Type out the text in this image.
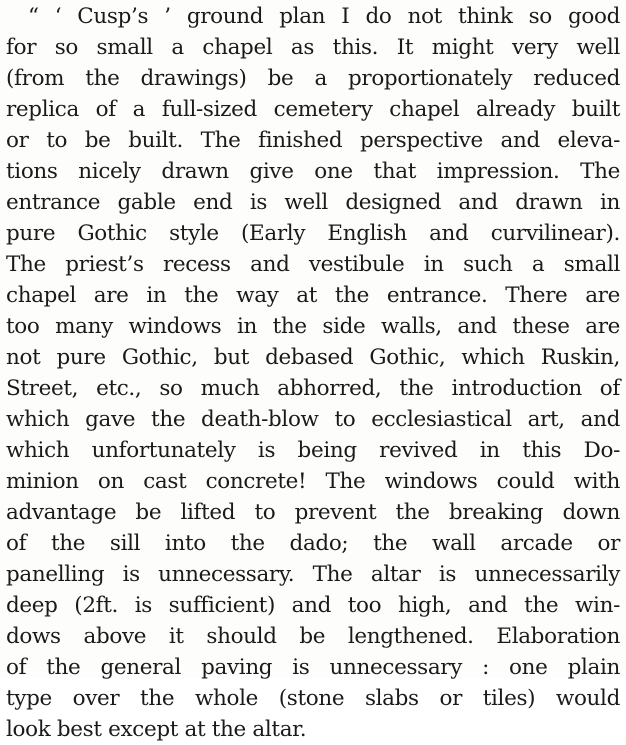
“ ‘ Cusp’s ’ ground plan I do not think so good
for so small a chapel as this. It might very well
(from the drawings) be a proportionately reduced
replica of a full-sized cemetery chapel already built
or to be built. The finished perspective and eleva-
tions nicely drawn give one that impression. The
entrance gable end is well designed and drawn in
pure Gothic style (Early English and curvilinear).
The priest’s recess and vestibule in such a small
chapel are in the way at the entrance. There are
too many windows in the side walls, and these are
not pure Gothic, but debased Gothic, which Ruskin,
Street, etc., so much abhorred, the introduction of
which gave the death-blow to ecclesiastical art, and
which unfortunately is being revived in this Do-
minion on cast concrete! The windows could with
advantage be lifted to prevent the breaking down
of the sill into the dado; the wall arcade or
panelling is unnecessary. The altar is unnecessarily
deep (2ft. is sufficient) and too high, and the win-
dows above it should be lengthened. Elaboration
of the general paving is unnecessary : one plain
type over the whole (stone slabs or tiles) would
look best except at the altar.
